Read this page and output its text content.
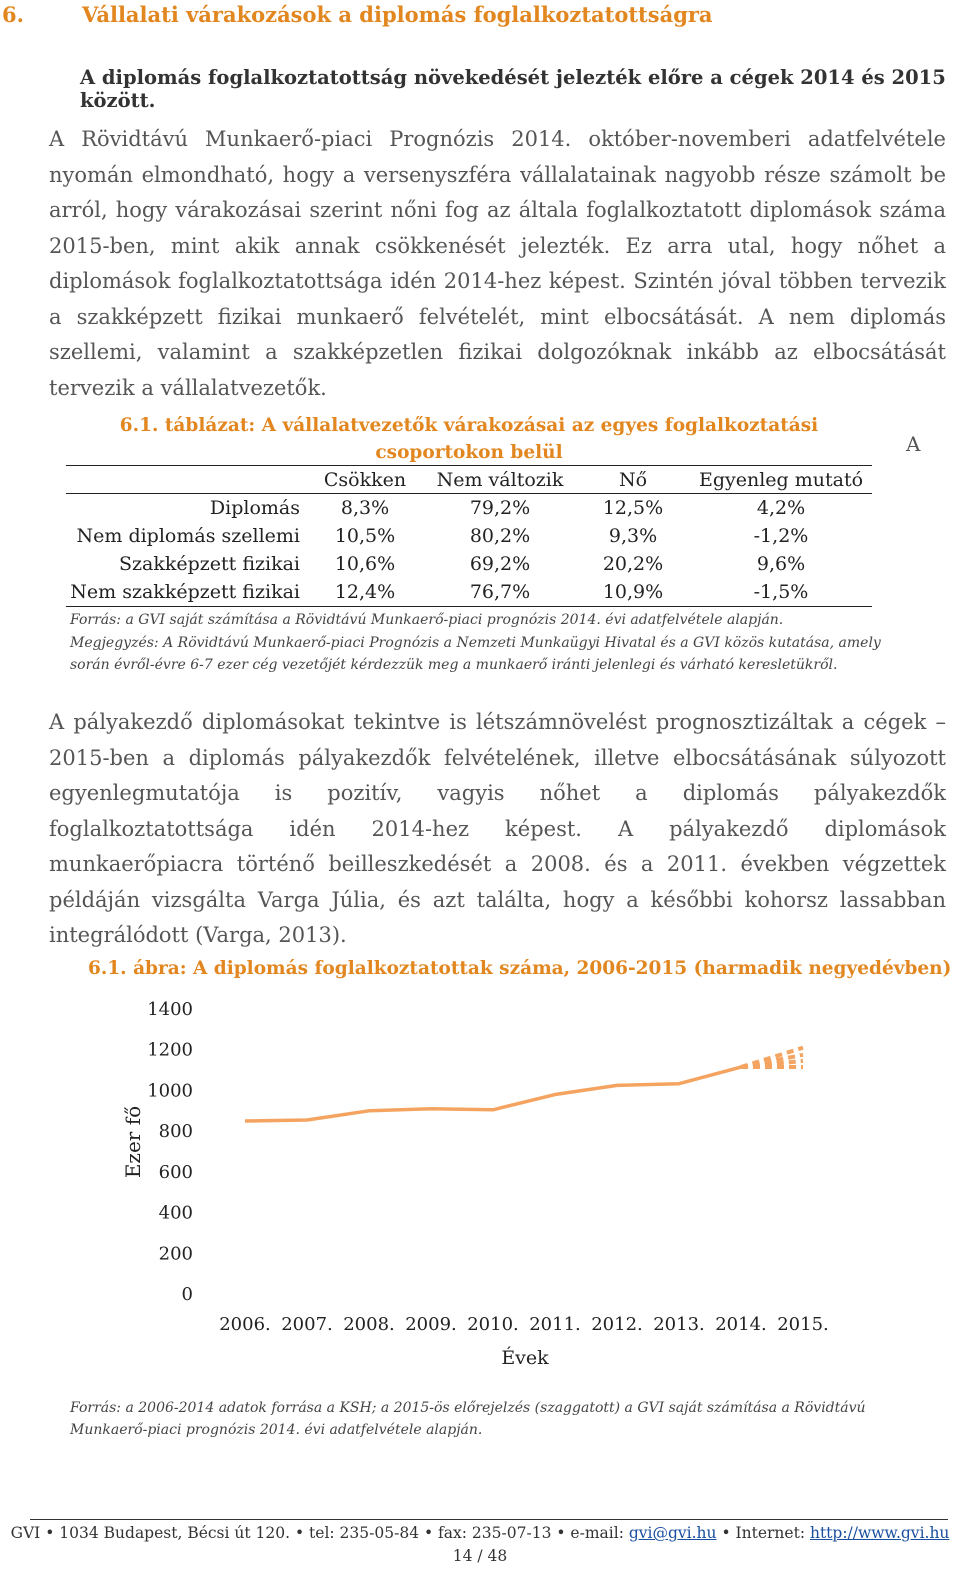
6.	Vállalati várakozások a diplomás foglalkoztatottságra
A diplomás foglalkoztatottság növekedését jelezték előre a cégek 2014 és 2015 között.

A Rövidtávú Munkaerő-piaci Prognózis 2014. október-novemberi adatfelvétele nyomán elmondható, hogy a versenyszféra vállalatainak nagyobb része számolt be arról, hogy várakozásai szerint nőni fog az általa foglalkoztatott diplomások száma 2015-ben, mint akik annak csökkenését jelezték. Ez arra utal, hogy nőhet a diplomások foglalkoztatottsága idén 2014-hez képest. Szintén jóval többen tervezik a szakképzett fizikai munkaerő felvételét, mint elbocsátását. A nem diplomás szellemi, valamint a szakképzetlen fizikai dolgozóknak inkább az elbocsátását tervezik a vállalatvezetők.

6.1. táblázat: A vállalatvezetők várakozásai az egyes foglalkoztatási csoportokon belül	A
	Csökken	Nem változik	Nő	Egyenleg mutató
Diplomás	8,3%	79,2%	12,5%	4,2%
Nem diplomás szellemi	10,5%	80,2%	9,3%	-1,2%
Szakképzett fizikai	10,6%	69,2%	20,2%	9,6%
Nem szakképzett fizikai	12,4%	76,7%	10,9%	-1,5%

Forrás: a GVI saját számítása a Rövidtávú Munkaerő-piaci prognózis 2014. évi adatfelvétele alapján.

Megjegyzés: A Rövidtávú Munkaerő-piaci Prognózis a Nemzeti Munkaügyi Hivatal és a GVI közös kutatása, amely során évről-évre 6-7 ezer cég vezetőjét kérdezzük meg a munkaerő iránti jelenlegi és várható keresletükről.

A pályakezdő diplomásokat tekintve is létszámnövelést prognosztizáltak a cégek – 2015-ben a diplomás pályakezdők felvételének, illetve elbocsátásának súlyozott egyenlegmutatója is pozitív, vagyis nőhet a diplomás pályakezdők foglalkoztatottsága idén 2014-hez képest. A pályakezdő diplomások munkaerőpiacra történő beilleszkedését a 2008. és a 2011. években végzettek példáján vizsgálta Varga Júlia, és azt találta, hogy a későbbi kohorsz lassabban integrálódott (Varga, 2013).

6.1. ábra: A diplomás foglalkoztatottak száma, 2006-2015 (harmadik negyedévben)
0
200
400
600
800
1000
1200
1400
2006. 2007. 2008. 2009. 2010. 2011. 2012. 2013. 2014. 2015.
Ezer fő
Évek

Forrás: a 2006-2014 adatok forrása a KSH; a 2015-ös előrejelzés (szaggatott) a GVI saját számítása a Rövidtávú Munkaerő-piaci prognózis 2014. évi adatfelvétele alapján.

GVI • 1034 Budapest, Bécsi út 120. • tel: 235-05-84 • fax: 235-07-13 • e-mail: gvi@gvi.hu • Internet: http://www.gvi.hu
14 / 48
